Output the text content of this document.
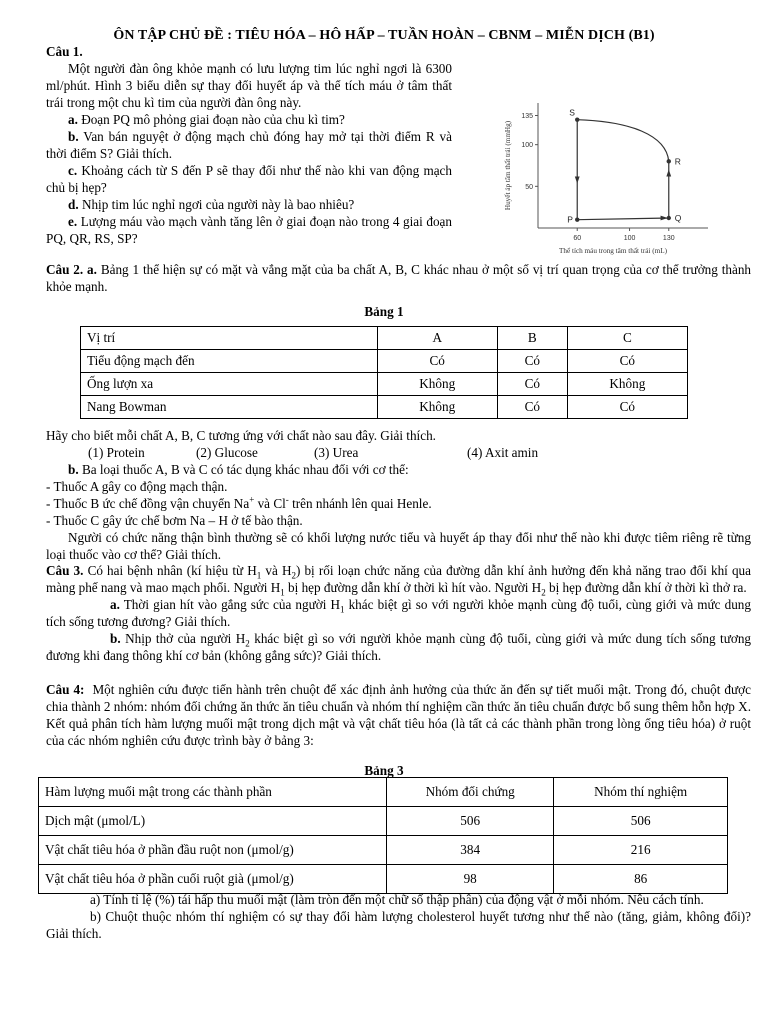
ÔN TẬP CHỦ ĐỀ : TIÊU HÓA – HÔ HẤP – TUẦN HOÀN – CBNM – MIỄN DỊCH (B1)

Câu 1.

Một người đàn ông khỏe mạnh có lưu lượng tim lúc nghỉ ngơi là 6300 ml/phút. Hình 3 biểu diễn sự thay đổi huyết áp và thể tích máu ở tâm thất trái trong một chu kì tim của người đàn ông này.

a. Đoạn PQ mô phỏng giai đoạn nào của chu kì tim?

b. Van bán nguyệt ở động mạch chủ đóng hay mở tại thời điểm R và thời điểm S? Giải thích.

c. Khoảng cách từ S đến P sẽ thay đổi như thế nào khi van động mạch chủ bị hẹp?

d. Nhịp tim lúc nghỉ ngơi của người này là bao nhiêu?

e. Lượng máu vào mạch vành tăng lên ở giai đoạn nào trong 4 giai đoạn PQ, QR, RS, SP?	60	100	130
50
100
135
Thể tích máu trong tâm thất trái (mL)
Huyết áp tâm thất trái (mmHg)
P	Q
R
S

Câu 2. a. Bảng 1 thể hiện sự có mặt và vắng mặt của ba chất A, B, C khác nhau ở một số vị trí quan trọng của cơ thể trưởng thành khỏe mạnh.

Bảng 1
Vị trí	A	B	C
Tiểu động mạch đến	Có	Có	Có
Ống lượn xa	Không	Có	Không
Nang Bowman	Không	Có	Có

Hãy cho biết mỗi chất A, B, C tương ứng với chất nào sau đây. Giải thích.

(1) Protein	(2) Glucose	(3) Urea	(4) Axit amin

b. Ba loại thuốc A, B và C có tác dụng khác nhau đối với cơ thể:

- Thuốc A gây co động mạch thận.

- Thuốc B ức chế đồng vận chuyển Na+ và Cl- trên nhánh lên quai Henle.

- Thuốc C gây ức chế bơm Na – H ở tế bào thận.

Người có chức năng thận bình thường sẽ có khối lượng nước tiểu và huyết áp thay đổi như thế nào khi được tiêm riêng rẽ từng loại thuốc vào cơ thể? Giải thích.

Câu 3. Có hai bệnh nhân (kí hiệu từ $H_1$ và $H_2$) bị rối loạn chức năng của đường dẫn khí ảnh hưởng đến khả năng trao đổi khí qua màng phế nang và mao mạch phổi. Người $H_1$ bị hẹp đường dẫn khí ở thời kì hít vào. Người $H_2$ bị hẹp đường dẫn khí ở thời kì thở ra.

a. Thời gian hít vào gắng sức của người $H_1$ khác biệt gì so với người khỏe mạnh cùng độ tuổi, cùng giới và mức dung tích sống tương đương? Giải thích.

b. Nhịp thở của người $H_2$ khác biệt gì so với người khỏe mạnh cùng độ tuổi, cùng giới và mức dung tích sống tương đương khi đang thông khí cơ bản (không gắng sức)? Giải thích.

Câu 4: Một nghiên cứu được tiến hành trên chuột để xác định ảnh hưởng của thức ăn đến sự tiết muối mật. Trong đó, chuột được chia thành 2 nhóm: nhóm đối chứng ăn thức ăn tiêu chuẩn và nhóm thí nghiệm cần thức ăn tiêu chuẩn được bổ sung thêm hỗn hợp X. Kết quả phân tích hàm lượng muối mật trong dịch mật và vật chất tiêu hóa (là tất cả các thành phần trong lòng ống tiêu hóa) ở ruột của các nhóm nghiên cứu được trình bày ở bảng 3:

Bảng 3
Hàm lượng muối mật trong các thành phần	Nhóm đối chứng	Nhóm thí nghiệm
Dịch mật (μmol/L)	506	506
Vật chất tiêu hóa ở phần đầu ruột non (μmol/g)	384	216
Vật chất tiêu hóa ở phần cuối ruột già (μmol/g)	98	86

a) Tính tỉ lệ (%) tái hấp thu muối mật (làm tròn đến một chữ số thập phân) của động vật ở mỗi nhóm. Nêu cách tính.

b) Chuột thuộc nhóm thí nghiệm có sự thay đổi hàm lượng cholesterol huyết tương như thế nào (tăng, giảm, không đổi)? Giải thích.
